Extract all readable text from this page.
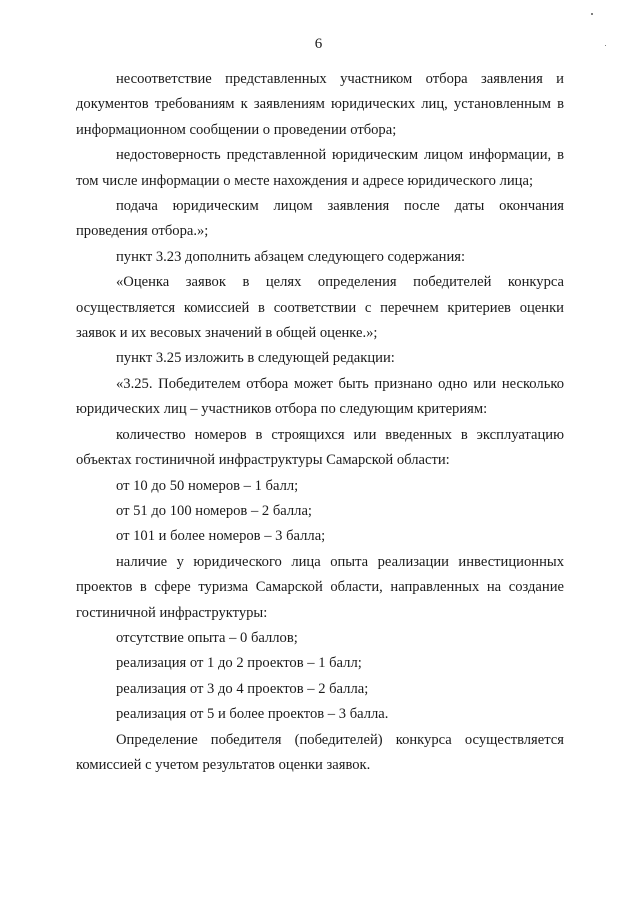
6

несоответствие представленных участником отбора заявления и документов требованиям к заявлениям юридических лиц, установленным в информационном сообщении о проведении отбора;

недостоверность представленной юридическим лицом информации, в том числе информации о месте нахождения и адресе юридического лица;

подача юридическим лицом заявления после даты окончания проведения отбора.»;

пункт 3.23 дополнить абзацем следующего содержания:

«Оценка заявок в целях определения победителей конкурса осуществляется комиссией в соответствии с перечнем критериев оценки заявок и их весовых значений в общей оценке.»;

пункт 3.25 изложить в следующей редакции:

«3.25. Победителем отбора может быть признано одно или несколько юридических лиц – участников отбора по следующим критериям:

количество номеров в строящихся или введенных в эксплуатацию объектах гостиничной инфраструктуры Самарской области:

от 10 до 50 номеров – 1 балл;

от 51 до 100 номеров – 2 балла;

от 101 и более номеров – 3 балла;

наличие у юридического лица опыта реализации инвестиционных проектов в сфере туризма Самарской области, направленных на создание гостиничной инфраструктуры:

отсутствие опыта – 0 баллов;

реализация от 1 до 2 проектов – 1 балл;

реализация от 3 до 4 проектов – 2 балла;

реализация от 5 и более проектов – 3 балла.

Определение победителя (победителей) конкурса осуществляется комиссией с учетом результатов оценки заявок.
